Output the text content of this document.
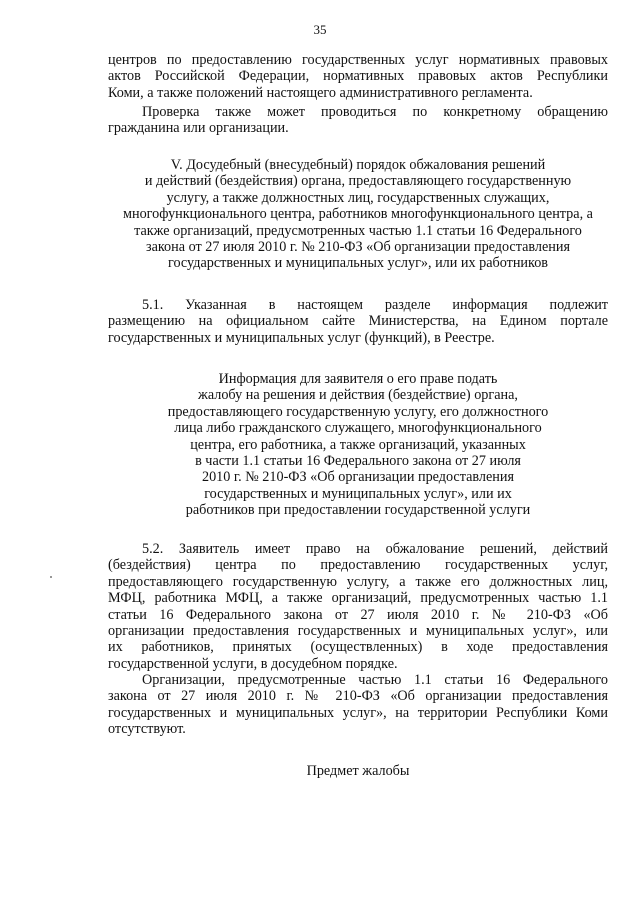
35
центров по предоставлению государственных услуг нормативных правовых
актов Российской Федерации, нормативных правовых актов Республики
Коми, а также положений настоящего административного регламента.
Проверка также может проводиться по конкретному обращению
гражданина или организации.
V. Досудебный (внесудебный) порядок обжалования решений
и действий (бездействия) органа, предоставляющего государственную
услугу, а также должностных лиц, государственных служащих,
многофункционального центра, работников многофункционального центра, а
также организаций, предусмотренных частью 1.1 статьи 16 Федерального
закона от 27 июля 2010 г. № 210-ФЗ «Об организации предоставления
государственных и муниципальных услуг», или их работников
5.1. Указанная в настоящем разделе информация подлежит
размещению на официальном сайте Министерства, на Едином портале
государственных и муниципальных услуг (функций), в Реестре.
Информация для заявителя о его праве подать
жалобу на решения и действия (бездействие) органа,
предоставляющего государственную услугу, его должностного
лица либо гражданского служащего, многофункционального
центра, его работника, а также организаций, указанных
в части 1.1 статьи 16 Федерального закона от 27 июля
2010 г. № 210-ФЗ «Об организации предоставления
государственных и муниципальных услуг», или их
работников при предоставлении государственной услуги
5.2. Заявитель имеет право на обжалование решений, действий
(бездействия) центра по предоставлению государственных услуг,
предоставляющего государственную услугу, а также его должностных лиц,
МФЦ, работника МФЦ, а также организаций, предусмотренных частью 1.1
статьи 16 Федерального закона от 27 июля 2010 г. № 210-ФЗ «Об
организации предоставления государственных и муниципальных услуг», или
их работников, принятых (осуществленных) в ходе предоставления
государственной услуги, в досудебном порядке.
Организации, предусмотренные частью 1.1 статьи 16 Федерального
закона от 27 июля 2010 г. № 210-ФЗ «Об организации предоставления
государственных и муниципальных услуг», на территории Республики Коми
отсутствуют.
Предмет жалобы
